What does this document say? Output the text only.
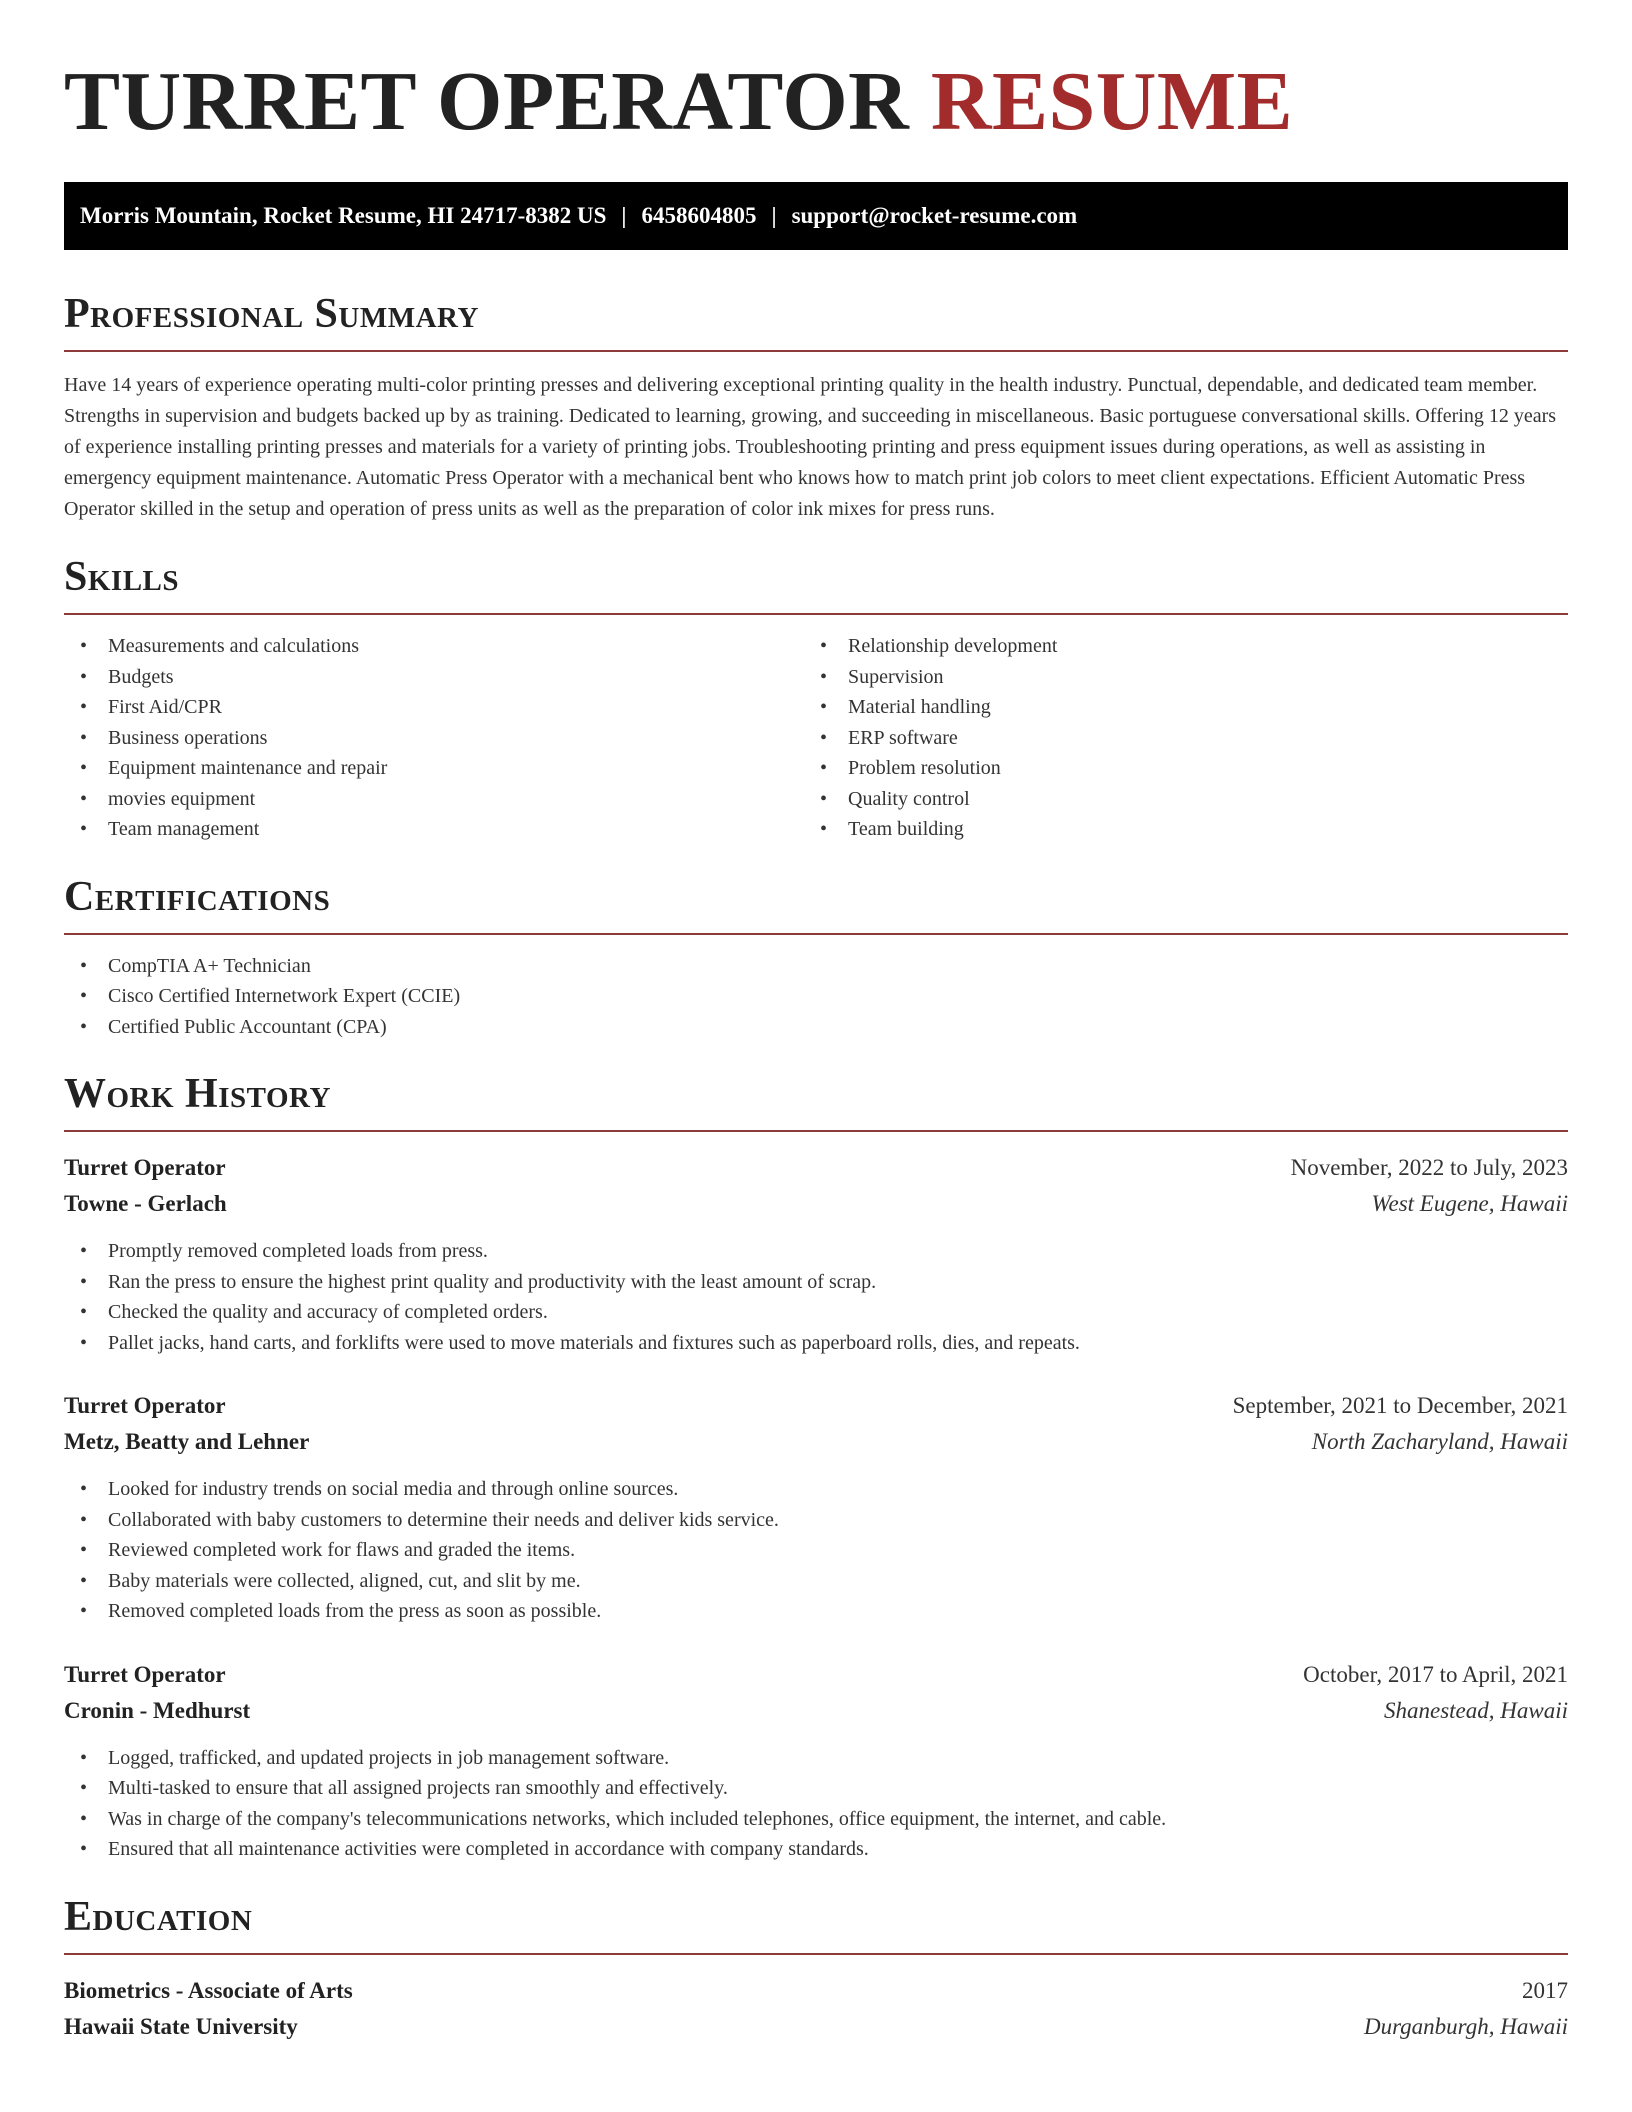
TURRET OPERATOR RESUME
Morris Mountain, Rocket Resume, HI 24717-8382 US | 6458604805 | support@rocket-resume.com
Professional Summary

Have 14 years of experience operating multi-color printing presses and delivering exceptional printing quality in the health industry. Punctual, dependable, and dedicated team member. Strengths in supervision and budgets backed up by as training. Dedicated to learning, growing, and succeeding in miscellaneous. Basic portuguese conversational skills. Offering 12 years of experience installing printing presses and materials for a variety of printing jobs. Troubleshooting printing and press equipment issues during operations, as well as assisting in emergency equipment maintenance. Automatic Press Operator with a mechanical bent who knows how to match print job colors to meet client expectations. Efficient Automatic Press Operator skilled in the setup and operation of press units as well as the preparation of color ink mixes for press runs.

Skills
• Measurements and calculations
• Budgets
• First Aid/CPR
• Business operations
• Equipment maintenance and repair
• movies equipment
• Team management
• Relationship development
• Supervision
• Material handling
• ERP software
• Problem resolution
• Quality control
• Team building
Certifications
• CompTIA A+ Technician
• Cisco Certified Internetwork Expert (CCIE)
• Certified Public Accountant (CPA)
Work History
Turret Operator	November, 2022 to July, 2023
Towne - Gerlach	West Eugene, Hawaii
• Promptly removed completed loads from press.
• Ran the press to ensure the highest print quality and productivity with the least amount of scrap.
• Checked the quality and accuracy of completed orders.
• Pallet jacks, hand carts, and forklifts were used to move materials and fixtures such as paperboard rolls, dies, and repeats.
Turret Operator	September, 2021 to December, 2021
Metz, Beatty and Lehner	North Zacharyland, Hawaii
• Looked for industry trends on social media and through online sources.
• Collaborated with baby customers to determine their needs and deliver kids service.
• Reviewed completed work for flaws and graded the items.
• Baby materials were collected, aligned, cut, and slit by me.
• Removed completed loads from the press as soon as possible.
Turret Operator	October, 2017 to April, 2021
Cronin - Medhurst	Shanestead, Hawaii
• Logged, trafficked, and updated projects in job management software.
• Multi-tasked to ensure that all assigned projects ran smoothly and effectively.
• Was in charge of the company's telecommunications networks, which included telephones, office equipment, the internet, and cable.
• Ensured that all maintenance activities were completed in accordance with company standards.
Education
Biometrics - Associate of Arts	2017
Hawaii State University	Durganburgh, Hawaii
